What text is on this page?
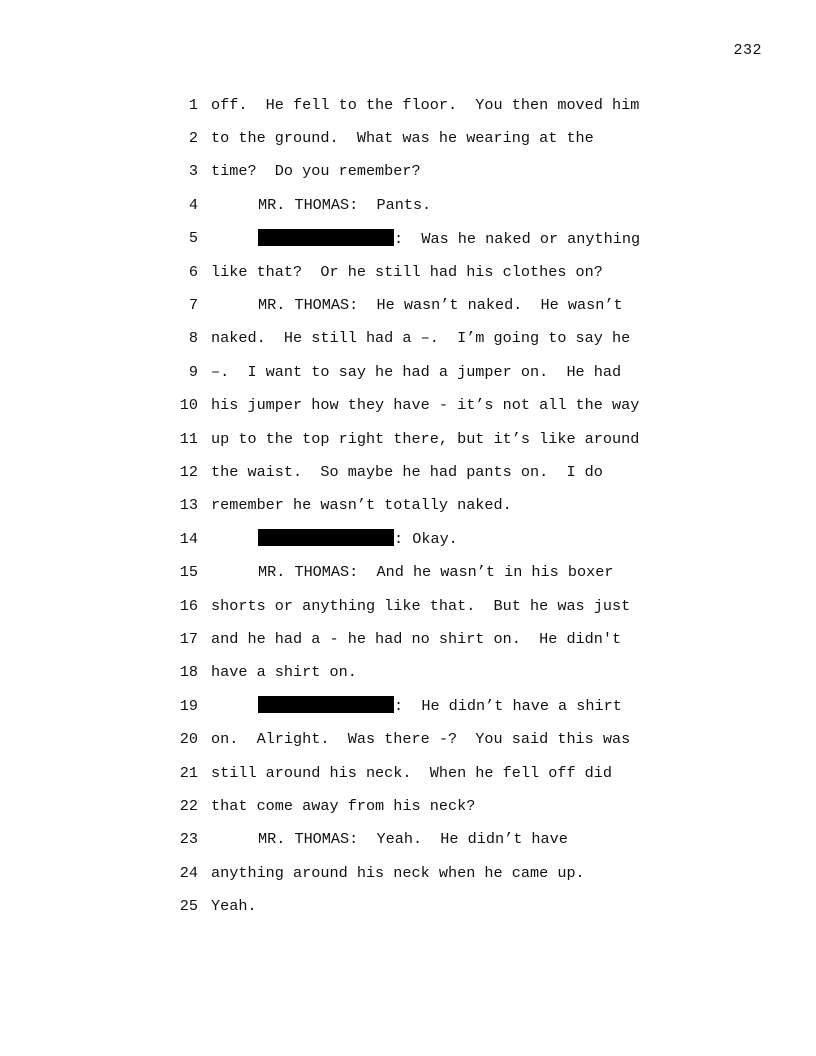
232
1 off.  He fell to the floor.  You then moved him
2 to the ground.  What was he wearing at the
3 time?  Do you remember?
4	MR. THOMAS:  Pants.
5	:  Was he naked or anything
6 like that?  Or he still had his clothes on?
7	MR. THOMAS:  He wasn’t naked.  He wasn’t
8 naked.  He still had a –.  I’m going to say he
9 –.  I want to say he had a jumper on.  He had
10 his jumper how they have - it’s not all the way
11 up to the top right there, but it’s like around
12 the waist.  So maybe he had pants on.  I do
13 remember he wasn’t totally naked.
14	: Okay.
15	MR. THOMAS:  And he wasn’t in his boxer
16 shorts or anything like that.  But he was just
17 and he had a - he had no shirt on.  He didn't
18 have a shirt on.
19	:  He didn’t have a shirt
20 on.  Alright.  Was there -?  You said this was
21 still around his neck.  When he fell off did
22 that come away from his neck?
23	MR. THOMAS:  Yeah.  He didn’t have
24 anything around his neck when he came up.
25 Yeah.
